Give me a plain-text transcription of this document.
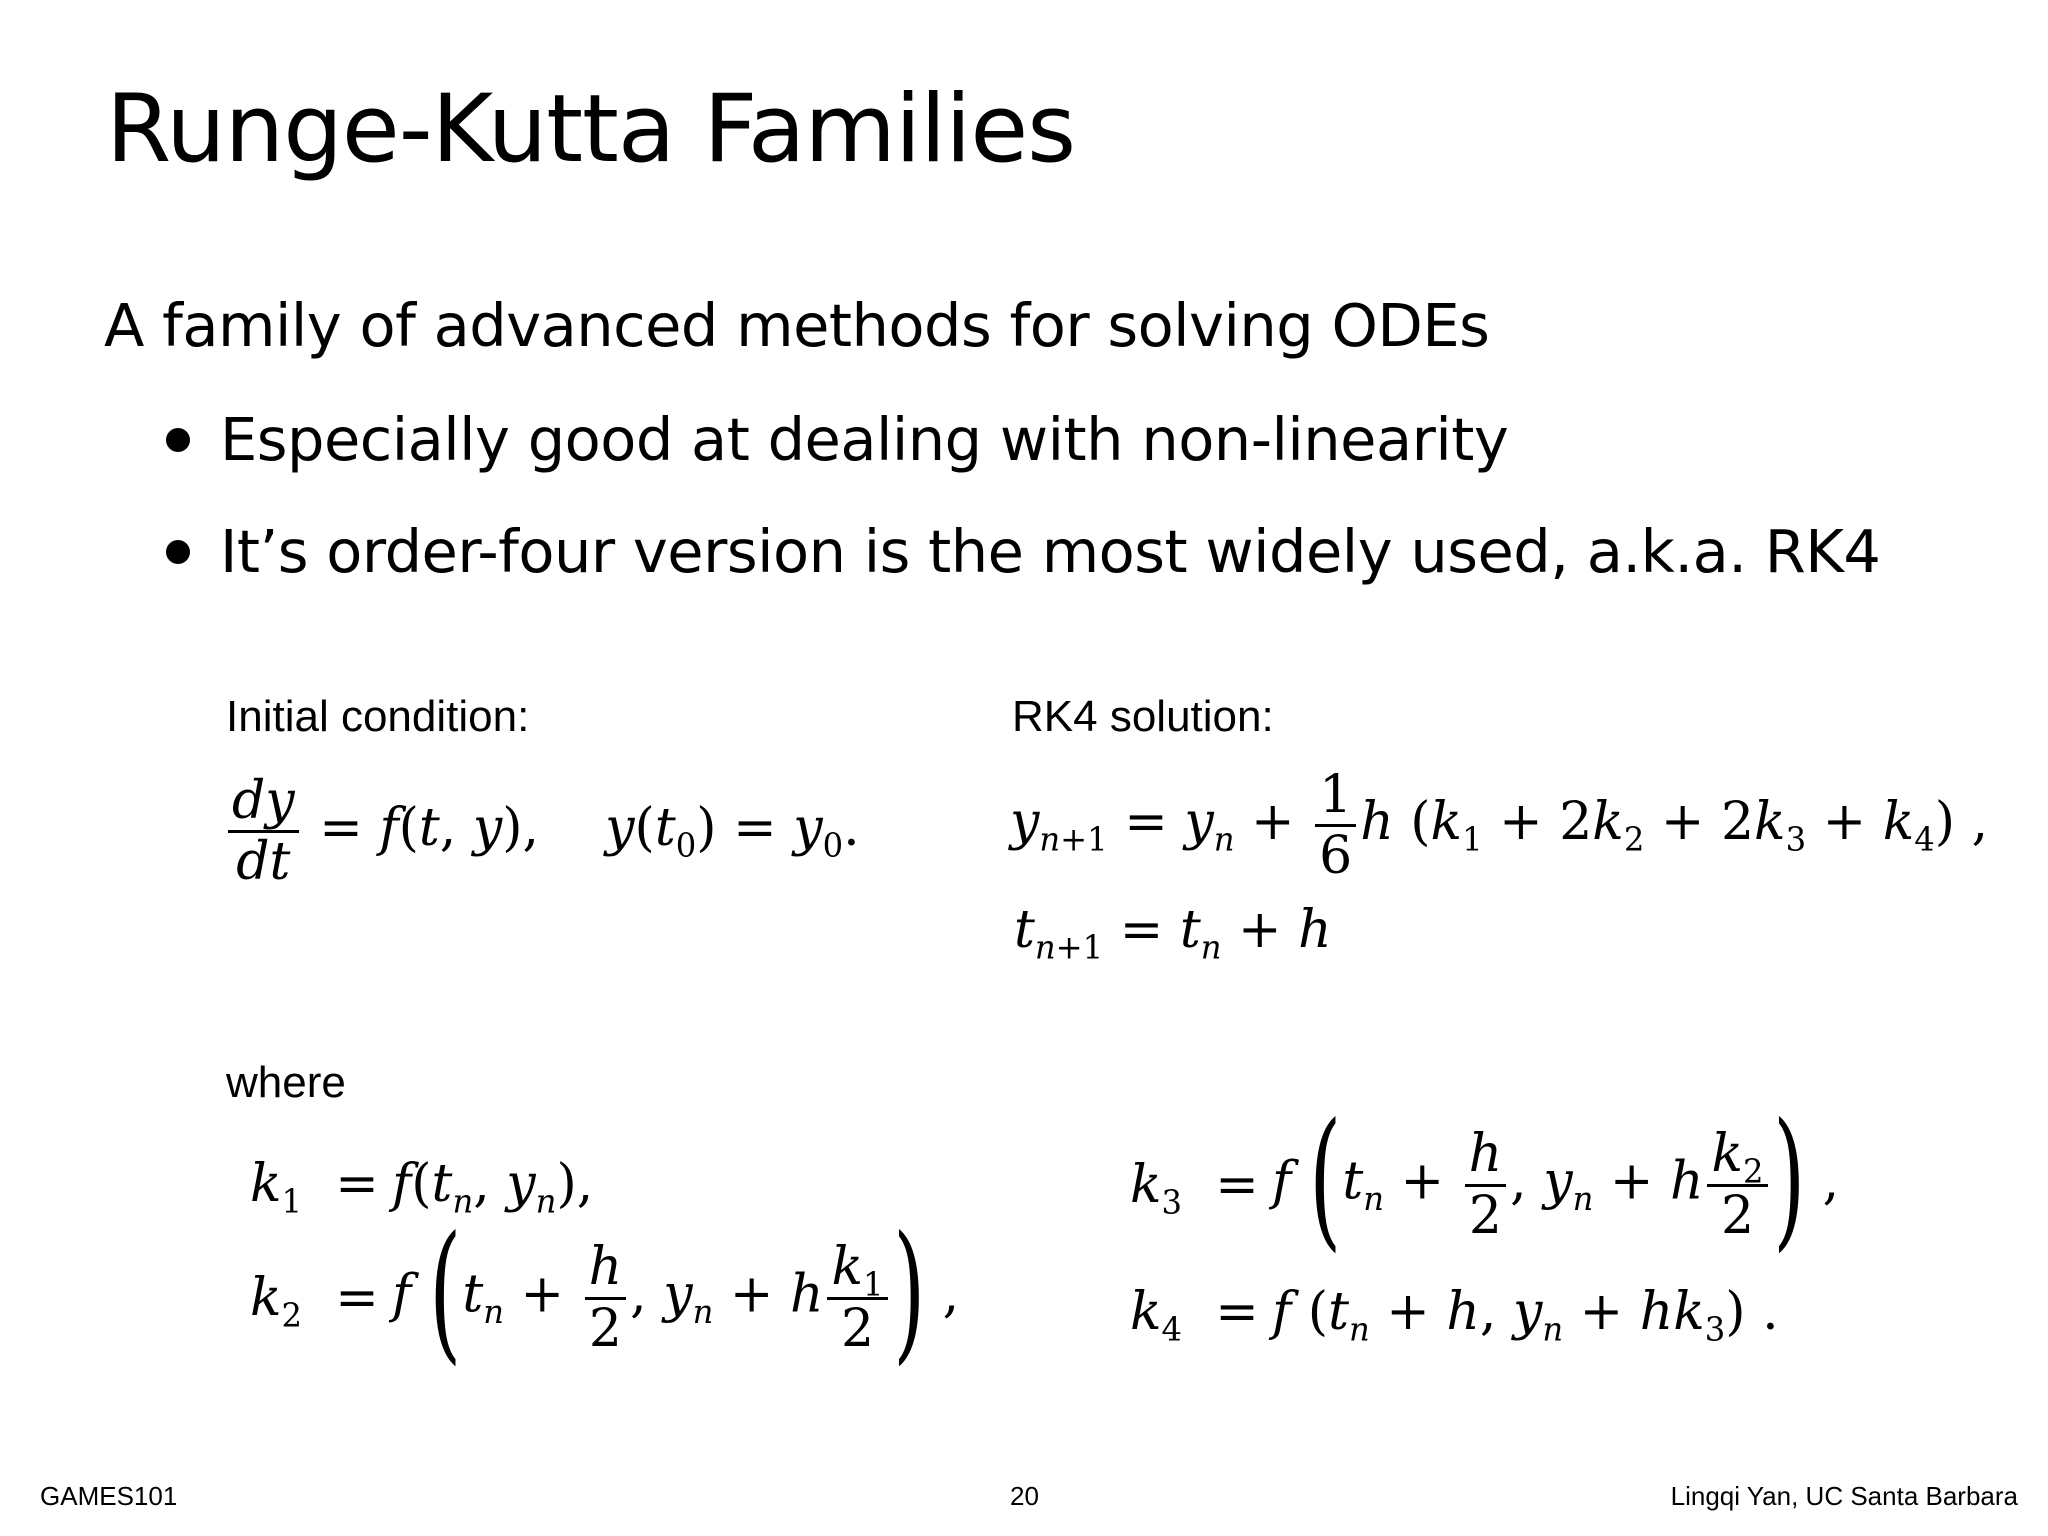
Runge-Kutta Families
A family of advanced methods for solving ODEs
Especially good at dealing with non-linearity
It’s order-four version is the most widely used, a.k.a. RK4
Initial condition:	RK4 solution:
where
$\frac{dy}{dt} = f(t$, y),    $y(t_0) = y_0$.	$y_{n+1} = y_n + \frac{1}{6}$ h $(k_1 + 2k_2 + 2k_3 + k_4)$ ,
$t_{n+1} = t_n + h$
$k_1 = f(t_n$, $y_n$),
$k_2 = f$ ($t_n + \frac{h}{2}$ , $y_n + h \frac{k_1}{2}$ ) ,
$k_3 = f$ ($t_n + \frac{h}{2}$ , $y_n + h \frac{k_2}{2}$ ) ,
$k_4 = f$ ($t_n + h$, $y_n + hk_3$) .
GAMES101	20	Lingqi Yan, UC Santa Barbara
